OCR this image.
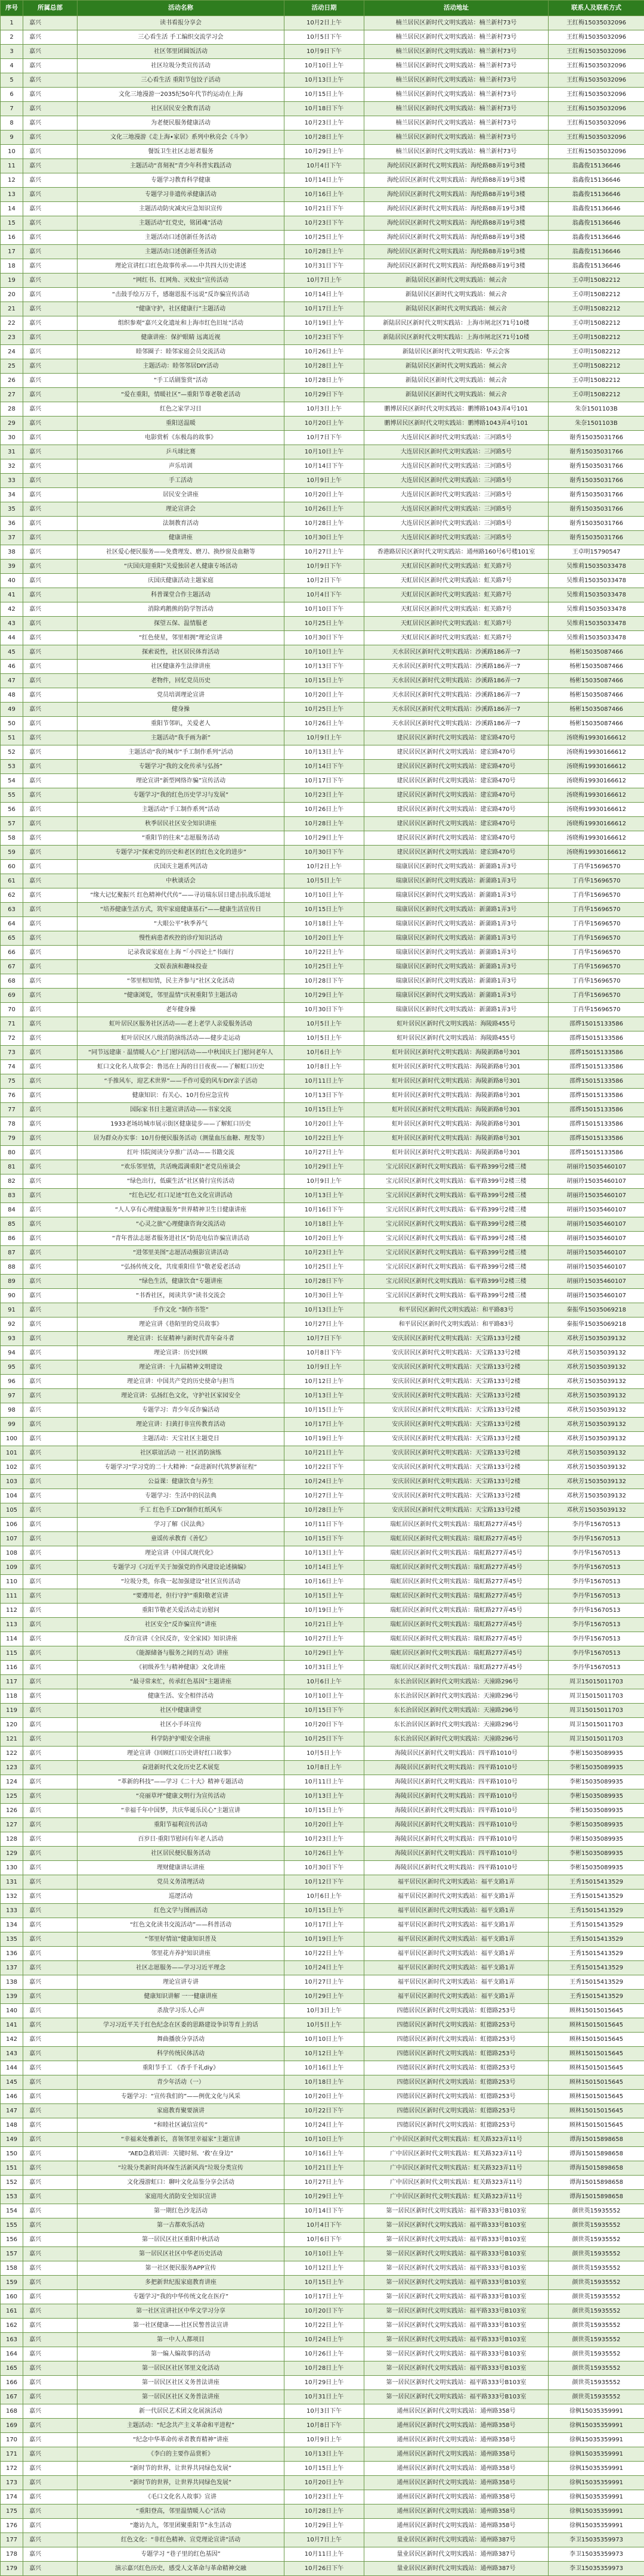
序号	所属总部	活动名称	活动日期	活动地址	联系人及联系方式
1	嘉兴	读书看报分享会	10月2日上午	楠兰居民区新时代文明实践站：楠兰新村73号	王红梅15035032096
2	嘉兴	三心看生活 手工编织交流学习会	10月5日下午	楠兰居民区新时代文明实践站：楠兰新村73号	王红梅15035032096
3	嘉兴	社区邻里团圆饭活动	10月9日下午	楠兰居民区新时代文明实践站：楠兰新村73号	王红梅15035032096
4	嘉兴	社区垃圾分类宣传活动	10月10日上午	楠兰居民区新时代文明实践站：楠兰新村73号	王红梅15035032096
5	嘉兴	三心看生活 重阳节包饺子活动	10月13日上午	楠兰居民区新时代文明实践站：楠兰新村73号	王红梅15035032096
6	嘉兴	文化三地漫游一2035纪50年代节约运动在上海	10月15日上午	楠兰居民区新时代文明实践站：楠兰新村73号	王红梅15035032096
7	嘉兴	社区居民安全教育活动	10月18日下午	楠兰居民区新时代文明实践站：楠兰新村73号	王红梅15035032096
8	嘉兴	为老便民服务健康活动	10月23日上午	楠兰居民区新时代文明实践站：楠兰新村73号	王红梅15035032096
9	嘉兴	文化三地漫游《走上海•家居》系列中秋亮会《斗争》	10月28日上午	楠兰居民区新时代文明实践站：楠兰新村73号	王红梅15035032096
10	嘉兴	餐饭卫生社区志愿者服务	10月29日上午	楠兰居民区新时代文明实践站：楠兰新村73号	王红梅15035032096
11	嘉兴	主题活动“喜刻祝”青少年科普实践活动	10月4日下午	海纶居民区新时代文明实践站：海纶路88弄19号3楼	翁鑫俊15136646
12	嘉兴	专题学习教育科学健康	10月14日上午	海纶居民区新时代文明实践站：海纶路88弄19号3楼	翁鑫俊15136646
13	嘉兴	专题学习非遗传承健康活动	10月16日上午	海纶居民区新时代文明实践站：海纶路88弄19号3楼	翁鑫俊15136646
14	嘉兴	主题活动防灾减灾应急知识宣传	10月21日下午	海纶居民区新时代文明实践站：海纶路88弄19号3楼	翁鑫俊15136646
15	嘉兴	主题活动“红党史，铭团魂”活动	10月23日下午	海纶居民区新时代文明实践站：海纶路88弄19号3楼	翁鑫俊15136646
16	嘉兴	主题活动口述创新任务活动	10月25日上午	海纶居民区新时代文明实践站：海纶路88弄19号3楼	翁鑫俊15136646
17	嘉兴	主题活动口述创新任务活动	10月28日上午	海纶居民区新时代文明实践站：海纶路88弄19号3楼	翁鑫俊15136646
18	嘉兴	理论宣讲红口红色故事传承——中共四大历史讲述	10月31日下午	海纶居民区新时代文明实践站：海纶路88弄19号3楼	翁鑫俊15136646
19	嘉兴	“网红书、红网角、灭蚊虫”宣传活动	10月7日上午	新陆居民区新时代文明实践站：倾云舍	王卓明15082212
20	嘉兴	“击鼓手绘万万千，感谢恩报不远说”反诈骗宣传活动	10月14日上午	新陆居民区新时代文明实践站：倾云舍	王卓明15082212
21	嘉兴	“健康守护，社区健康行”主题活动	10月17日上午	新陆居民区新时代文明实践站：倾云舍	王卓明15082212
22	嘉兴	组织参观“嘉兴文化遗址和上海市红色旧址”活动	10月19日上午	新陆居民区新时代文明实践站：上海市闸北区71号10楼	王卓明15082212
23	嘉兴	健康讲座：保护眼睛 远离近视	10月23日下午	新陆居民区新时代文明实践站：上海市闸北区71号10楼	王卓明15082212
24	嘉兴	睦邻圈子：睦邻家庭会员交流活动	10月26日上午	新陆居民区新时代文明实践站：华云会客	王卓明15082212
25	嘉兴	主题活动：睦邻邻居DIY活动	10月28日上午	新陆居民区新时代文明实践站：倾云舍	王卓明15082212
26	嘉兴	“手工话剧鉴赏”活动	10月28日上午	新陆居民区新时代文明实践站：倾云舍	王卓明15082212
27	嘉兴	“爱在重阳，情暖社区”—重阳节尊老敬老活动	10月29日下午	新陆居民区新时代文明实践站：倾云舍	王卓明15082212
28	嘉兴	红色之家学习日	10月3日上午	鹏博居民区新时代文明实践站：鹏博路1043弄4号101	朱奈1501103B
29	嘉兴	重阳送温暖	10月20日上午	鹏博居民区新时代文明实践站：鹏博路1043弄4号101	朱奈1501103B
30	嘉兴	电影赏析《东极岛的故事》	10月7日下午	大连居民区新时代文明实践站：三河路5号	谢秀15035031766
31	嘉兴	乒乓球比赛	10月10日上午	大连居民区新时代文明实践站：三河路5号	谢秀15035031766
32	嘉兴	声乐培训	10月14日下午	大连居民区新时代文明实践站：三河路5号	谢秀15035031766
33	嘉兴	手工活动	10月9日上午	大连居民区新时代文明实践站：三河路5号	谢秀15035031766
34	嘉兴	居民安全讲座	10月20日上午	大连居民区新时代文明实践站：三河路5号	谢秀15035031766
35	嘉兴	理论宣讲会	10月26日上午	大连居民区新时代文明实践站：三河路5号	谢秀15035031766
36	嘉兴	法制教育活动	10月28日上午	大连居民区新时代文明实践站：三河路5号	谢秀15035031766
37	嘉兴	健康讲座	10月30日上午	大连居民区新时代文明实践站：三河路5号	谢秀15035031766
38	嘉兴	社区爱心便民服务——免费理发、磨刀、换纱窗及血糖等	10月27日上午	香港路居民区新时代文明实践站：通州路160号6号楼101室	王卓明15790547
39	嘉兴	“庆国庆迎重阳”关爱独居老人健康专场活动	10月9日下午	天虹居民区新时代文明实践站：虹关路7号	吴维莉15035033478
40	嘉兴	庆国庆健康活动主题家庭	10月2日下午	天虹居民区新时代文明实践站：虹关路7号	吴维莉15035033478
41	嘉兴	科普课堂合作主题活动	10月4日下午	天虹居民区新时代文明实践站：虹关路7号	吴维莉15035033478
42	嘉兴	消除鸡鹅熊的防学智活动	10月10日下午	天虹居民区新时代文明实践站：虹关路7号	吴维莉15035033478
43	嘉兴	探望五保、温情服老	10月25日上午	天虹居民区新时代文明实践站：虹关路7号	吴维莉15035033478
44	嘉兴	“红色使星，邻里相拥”理论宣讲	10月30日下午	天虹居民区新时代文明实践站：虹关路7号	吴维莉15035033478
45	嘉兴	探索说性，社区居民体育活动	10月10日上午	天水居民区新时代文明实践站：沙溪路186弄一7	杨彬15035087466
46	嘉兴	社区健康养生法律讲座	10月13日下午	天水居民区新时代文明实践站：沙溪路186弄一7	杨彬15035087466
47	嘉兴	老物件，回忆党员历史	10月15日上午	天水居民区新时代文明实践站：沙溪路186弄一7	杨彬15035087466
48	嘉兴	党员培训理论宣讲	10月20日上午	天水居民区新时代文明实践站：沙溪路186弄一7	杨彬15035087466
49	嘉兴	健身操	10月25日上午	天水居民区新时代文明实践站：沙溪路186弄一7	杨彬15035087466
50	嘉兴	重阳节邻叭，关爱老人	10月26日上午	天水居民区新时代文明实践站：沙溪路186弄一7	杨彬15035087466
51	嘉兴	主题活动“我手画为新”	10月9日上午	建民居民区新时代文明实践站：建宏路470号	汤晓梅19930166612
52	嘉兴	主题活动“我的城市“手工制作系列”活动	10月13日上午	建民居民区新时代文明实践站：建宏路470号	汤晓梅19930166612
53	嘉兴	专题学习“我的文化传承与弘扬”	10月14日下午	建民居民区新时代文明实践站：建宏路470号	汤晓梅19930166612
54	嘉兴	理论宣讲“新型网络诈骗”宣传活动	10月17日下午	建民居民区新时代文明实践站：建宏路470号	汤晓梅19930166612
55	嘉兴	专题学习“我的红色历史学习与发展”	10月23日上午	建民居民区新时代文明实践站：建宏路470号	汤晓梅19930166612
56	嘉兴	主题活动“手工制作系列”活动	10月26日上午	建民居民区新时代文明实践站：建宏路470号	汤晓梅19930166612
57	嘉兴	秋季居民社区安全知识讲座	10月28日上午	建民居民区新时代文明实践站：建宏路470号	汤晓梅19930166612
58	嘉兴	“重阳节的往来”志愿服务活动	10月29日上午	建民居民区新时代文明实践站：建宏路470号	汤晓梅19930166612
59	嘉兴	专题学习“探索党的历史和老区的红色文化的进步”	10月30日下午	建民居民区新时代文明实践站：建宏路470号	汤晓梅19930166612
60	嘉兴	庆国庆主题系列活动	10月2日上午	瑞康居民区新时代文明实践站：新蒲路1弄3号	丁肖华15696570
61	嘉兴	中秋谈话会	10月5日上午	瑞康居民区新时代文明实践站：新蒲路1弄3号	丁肖华15696570
62	嘉兴	“缘大记忆聚振兴 红色精神代代传”——寻访瑞东居日建击抗战乐道址	10月10日上午	瑞康居民区新时代文明实践站：新蒲路1弄3号	丁肖华15696570
63	嘉兴	“培养健康生活方式，筑牢家庭健康基石”——健康生活宣传日	10月15日上午	瑞康居民区新时代文明实践站：新蒲路1弄3号	丁肖华15696570
64	嘉兴	“大眼公平”秋季养气	10月18日上午	瑞康居民区新时代文明实践站：新蒲路1弄3号	丁肖华15696570
65	嘉兴	慢性病患者疾控的诊疗知识活动	10月20日上午	瑞康居民区新时代文明实践站：新蒲路1弄3号	丁肖华15696570
66	嘉兴	记录我说家庭在上海 “「小四论土”书面行	10月22日上午	瑞康居民区新时代文明实践站：新蒲路1弄3号	丁肖华15696570
67	嘉兴	文娱表演和趣味投壶	10月25日上午	瑞康居民区新时代文明实践站：新蒲路1弄3号	丁肖华15696570
68	嘉兴	“邻里相知情，民主齐参与”社区文化活动	10月28日下午	瑞康居民区新时代文明实践站：新蒲路1弄3号	丁肖华15696570
69	嘉兴	“健康浏览，邻里温情”庆祝重阳节主题活动	10月29日上午	瑞康居民区新时代文明实践站：新蒲路1弄3号	丁肖华15696570
70	嘉兴	老年健身操	10月30日下午	瑞康居民区新时代文明实践站：新蒲路1弄3号	丁肖华15696570
71	嘉兴	虹叶居民区服务社区活动——老上老学人亲爱服务活动	10月5日上午	虹叶居民区新时代文明实践站：海陵路455号	邵烨15015133586
72	嘉兴	虹叶居民区八级消防演练活动——健步走运动	10月5日上午	虹叶居民区新时代文明实践站：海陵路455号	邵烨15015133586
73	嘉兴	“同节远建康 · 温情暖人心”上门慰问活动——中秋国庆上门慰问老年人	10月6日上午	虹叶居民区新时代文明实践站：海陵新路8号301	邵烨15015133586
74	嘉兴	虹口文化名人故事会：鲁迅在上海的日日夜夜——了解虹口历史	10月8日上午	虹叶居民区新时代文明实践站：海陵新路8号301	邵烨15015133586
75	嘉兴	“手推风车，迎艺术世界”——手作可爱的风车DIY亲子活动	10月11日上午	虹叶居民区新时代文明实践站：海陵新路8号301	邵烨15015133586
76	嘉兴	健康知识：有关心、10月份应急宣传	10月13日下午	虹叶居民区新时代文明实践站：海陵新路8号301	邵烨15015133586
77	嘉兴	国际家书日主题宣讲活动——书家交流	10月15日上午	虹叶居民区新时代文明实践站：海陵新路8号301	邵烨15015133586
78	嘉兴	1933老场坊城市展示街区健康徒步——了解虹口历史	10月20日上午	虹叶居民区新时代文明实践站：海陵新路8号301	邵烨15015133586
79	嘉兴	居为群众办实事：10月份便民服务活动（测量血压血糖、理发等）	10月22日上午	虹叶居民区新时代文明实践站：海陵新路8号301	邵烨15015133586
80	嘉兴	红叶书院阅读分享推广活动——书籍交流	10月27日上午	虹叶居民区新时代文明实践站：海陵新路8号301	邵烨15015133586
81	嘉兴	“欢乐邻里情，共话晚霞满重阳”老党员座谈会	10月29日上午	宝元居民区新时代文明实践站：临平路399号2楼三楼	胡丽玲15035460107
82	嘉兴	“绿色出行，低碳生活”社区骑行宣传活动	10月9日上午	宝元居民区新时代文明实践站：临平路399号2楼三楼	胡丽玲15035460107
83	嘉兴	“红色记忆·红口足迹”红色文化宣讲活动	10月13日上午	宝元居民区新时代文明实践站：临平路399号2楼三楼	胡丽玲15035460107
84	嘉兴	“人人享有心理健康服务”世界精神卫生日健康讲座	10月16日下午	宝元居民区新时代文明实践站：临平路399号2楼三楼	胡丽玲15035460107
85	嘉兴	“心灵之旅”心理健康咨询交流活动	10月18日上午	宝元居民区新时代文明实践站：临平路399号2楼三楼	胡丽玲15035460107
86	嘉兴	“青年普法志愿者服务进社区”防范电信诈骗宣讲活动	10月20日上午	宝元居民区新时代文明实践站：临平路399号2楼三楼	胡丽玲15035460107
87	嘉兴	“进邻里美图”志愿活动摄影宣讲活动	10月23日上午	宝元居民区新时代文明实践站：临平路399号2楼三楼	胡丽玲15035460107
88	嘉兴	“弘扬传统文化，共度重阳佳节”敬老爱老活动	10月25日上午	宝元居民区新时代文明实践站：临平路399号2楼三楼	胡丽玲15035460107
89	嘉兴	“绿色生活，健康饮食”专题讲座	10月28日下午	宝元居民区新时代文明实践站：临平路399号2楼三楼	胡丽玲15035460107
90	嘉兴	“书香社区，阅读共享”读书交流会	10月30日上午	宝元居民区新时代文明实践站：临平路399号2楼三楼	胡丽玲15035460107
91	嘉兴	手作文化 “制作书签”	10月13日上午	和平居民区新时代文明实践站：和平路83号	秦振华15035069218
92	嘉兴	理论宣讲《巷陌里的党员故事》	10月27日上午	和平居民区新时代文明实践站：和平路83号	秦振华15035069218
93	嘉兴	理论宣讲：长征精神与新时代青年奋斗者	10月7日下午	安庆居民区新时代文明实践站：天宝路133号2楼	邓秋芳15035039132
94	嘉兴	理论宣讲：历史回顾	10月8日下午	安庆居民区新时代文明实践站：天宝路133号2楼	邓秋芳15035039132
95	嘉兴	理论宣讲：十九届精神文明建设	10月9日上午	安庆居民区新时代文明实践站：天宝路133号2楼	邓秋芳15035039132
96	嘉兴	理论宣讲：中国共产党的历史使命与担当	10月12日上午	安庆居民区新时代文明实践站：天宝路133号2楼	邓秋芳15035039132
97	嘉兴	理论宣讲：弘扬红色文化，守护社区家园安全	10月13日上午	安庆居民区新时代文明实践站：天宝路133号2楼	邓秋芳15035039132
98	嘉兴	专题学习：青少年反诈骗活动	10月15日上午	安庆居民区新时代文明实践站：天宝路133号2楼	邓秋芳15035039132
99	嘉兴	理论宣讲：扫黄打非宣传教育活动	10月17日上午	安庆居民区新时代文明实践站：天宝路133号2楼	邓秋芳15035039132
100	嘉兴	主题活动：天宝社区主题党日	10月19日上午	安庆居民区新时代文明实践站：天宝路133号2楼	邓秋芳15035039132
101	嘉兴	社区联谊活动 一 社区消防演练	10月21日上午	安庆居民区新时代文明实践站：天宝路133号2楼	邓秋芳15035039132
102	嘉兴	专题学习“学习党的二十大精神：“奋进新时代筑梦新征程”	10月22日下午	安庆居民区新时代文明实践站：天宝路133号2楼	邓秋芳15035039132
103	嘉兴	公益课：健康饮食与养生	10月24日上午	安庆居民区新时代文明实践站：天宝路133号2楼	邓秋芳15035039132
104	嘉兴	专题学习：生活中的民法典	10月27日上午	安庆居民区新时代文明实践站：天宝路133号2楼	邓秋芳15035039132
105	嘉兴	手工 红色手工DIY制作红纸风车	10月28日上午	安庆居民区新时代文明实践站：天宝路133号2楼	邓秋芳15035039132
106	嘉兴	学习了解《民法典》	10月11日下午	瑞虹居民区新时代文明实践站：瑞虹路277弄45号	李丹华15670513
107	嘉兴	童谣传承教育《善忆》	10月15日下午	瑞虹居民区新时代文明实践站：瑞虹路277弄45号	李丹华15670513
108	嘉兴	理论宣讲《中国式现代化》	10月13日上午	瑞虹居民区新时代文明实践站：瑞虹路277弄45号	李丹华15670513
109	嘉兴	专题学习《习近平关于加强党的作风建设论述摘编》	10月14日上午	瑞虹居民区新时代文明实践站：瑞虹路277弄45号	李丹华15670513
110	嘉兴	“垃圾分类，你我一起加强建设”社区宣传活动	10月16日上午	瑞虹居民区新时代文明实践站：瑞虹路277弄45号	李丹华15670513
111	嘉兴	“要遵用老，但行守护”重阳敬老宣讲	10月15日上午	瑞虹居民区新时代文明实践站：瑞虹路277弄45号	李丹华15670513
112	嘉兴	重阳节敬老关爱活动走访慰问	10月19日上午	瑞虹居民区新时代文明实践站：瑞虹路277弄45号	李丹华15670513
113	嘉兴	社区安全“反诈骗宣传”讲座	10月21日上午	瑞虹居民区新时代文明实践站：瑞虹路277弄45号	李丹华15670513
114	嘉兴	反诈宣讲《全民反诈，安全家园》知识讲座	10月27日上午	瑞虹居民区新时代文明实践站：瑞虹路277弄45号	李丹华15670513
115	嘉兴	《能源储备与服务之间的互动》讲座	10月29日上午	瑞虹居民区新时代文明实践站：瑞虹路277弄45号	李丹华15670513
116	嘉兴	《初级养生与精神健康》文化讲座	10月31日上午	瑞虹居民区新时代文明实践站：瑞虹路277弄45号	李丹华15670513
117	嘉兴	“最寻常来忙，传承红色基因”主题讲座	10月6日上午	东长治居民区新时代文明实践站：天潼路296号	周卫15015011703
118	嘉兴	健康生活、安全相伴活动	10月10日上午	东长治居民区新时代文明实践站：天潼路296号	周卫15015011703
119	嘉兴	社区中健康讲堂	10月15日下午	东长治居民区新时代文明实践站：天潼路296号	周卫15015011703
120	嘉兴	社区小手环宣传	10月20日下午	东长治居民区新时代文明实践站：天潼路296号	周卫15015011703
121	嘉兴	科学防护护眼安全讲座	10月25日下午	东长治居民区新时代文明实践站：天潼路296号	周卫15015011703
122	嘉兴	理论宣讲《回顾红口历史讲好红口故事》	10月5日上午	海陵居民区新时代文明实践站：四平路1010号	李彬15035089935
123	嘉兴	奋进新时代文化历史艺术展览	10月8日上午	海陵居民区新时代文明实践站：四平路1010号	李彬15035089935
124	嘉兴	“革新的科技”——学习《二十大》精神专题活动	10月11日上午	海陵居民区新时代文明实践站：四平路1010号	李彬15035089935
125	嘉兴	“亮丽草坪”健康文明行为宣传活动	10月13日上午	海陵居民区新时代文明实践站：四平路1010号	李彬15035089935
126	嘉兴	“幸福千年中国梦，共庆华诞乐民心”主题宣讲	10月15日上午	海陵居民区新时代文明实践站：四平路1010号	李彬15035089935
127	嘉兴	重阳节福利宣传活动	10月20日上午	海陵居民区新时代文明实践站：四平路1010号	李彬15035089935
128	嘉兴	百岁日·重阳节慰问有年老人活动	10月23日上午	海陵居民区新时代文明实践站：四平路1010号	李彬15035089935
129	嘉兴	社区居民便民服务活动	10月26日上午	海陵居民区新时代文明实践站：四平路1010号	李彬15035089935
130	嘉兴	理财健康讲坛讲座	10月30日下午	海陵居民区新时代文明实践站：四平路1010号	李彬15035089935
131	嘉兴	党员义务清理活动	10月12日下午	福平居民区新时代文明实践站：福平支路1弄	王秀15015413529
132	嘉兴	巡逻活动	10月6日上午	福平居民区新时代文明实践站：福平支路1弄	王秀15015413529
133	嘉兴	红色文学与图画活动	10月15日上午	福平居民区新时代文明实践站：福平支路1弄	王秀15015413529
134	嘉兴	“红色文化读书交流活动”——科普活动	10月17日上午	福平居民区新时代文明实践站：福平支路1弄	王秀15015413529
135	嘉兴	“邻里好情谊”健康知识普及	10月19日上午	福平居民区新时代文明实践站：福平支路1弄	王秀15015413529
136	嘉兴	邻里花卉养护知识讲座	10月22日上午	福平居民区新时代文明实践站：福平支路1弄	王秀15015413529
137	嘉兴	社区志愿服务——学习习近平理念	10月24日上午	福平居民区新时代文明实践站：福平支路1弄	王秀15015413529
138	嘉兴	理论宣讲专讲	10月27日上午	福平居民区新时代文明实践站：福平支路1弄	王秀15015413529
139	嘉兴	健康知识讲解 一一健康讲座	10月29日上午	福平居民区新时代文明实践站：福平支路1弄	王秀15015413529
140	嘉兴	杀敌学习乐人心声	10月3日上午	四德居民区新时代文明实践站：虹德路253号	顾林15015015645
141	嘉兴	学习习近平关于红色纪念在区委的思路建设争识等育上的话	10月5日上午	四德居民区新时代文明实践站：虹德路253号	顾林15015015645
142	嘉兴	舞曲播放分享活动	10月10日上午	四德居民区新时代文明实践站：虹德路253号	顾林15015015645
143	嘉兴	科学传统民体活动	10月12日上午	四德居民区新时代文明实践站：虹德路253号	顾林15015015645
144	嘉兴	重阳节手工 《香手千礼diy》	10月16日上午	四德居民区新时代文明实践站：虹德路253号	顾林15015015645
145	嘉兴	青少年活动（一）	10月18日上午	四德居民区新时代文明实践站：虹德路253号	顾林15015015645
146	嘉兴	专题学习：“宣传我们的”——例优文化与风采	10月20日上午	四德居民区新时代文明实践站：虹德路253号	顾林15015015645
147	嘉兴	家庭教育聚要演讲	10月22日下午	四德居民区新时代文明实践站：虹德路253号	顾林15015015645
148	嘉兴	“和睦社区诚信宣传”	10月24日上午	四德居民区新时代文明实践站：虹德路253号	顾林15015015645
149	嘉兴	“幸福来处雅新长，喜领邻里幸福家”主题宣讲	10月10日上午	广中居民区新时代文明实践站：虹关路323弄11号	谭海15015898658
150	嘉兴	“AED急救培训：关键时刻、‘救’在身边”	10月16日上午	广中居民区新时代文明实践站：虹关路323弄11号	谭海15015898658
151	嘉兴	“垃圾分类新时尚环保生活新风尚”垃圾分类宣传	10月21日上午	广中居民区新时代文明实践站：虹关路323弄11号	谭海15015898658
152	嘉兴	文化漫游虹口：聊叶文化品鉴分享会活动	10月27日上午	广中居民区新时代文明实践站：虹关路323弄11号	谭海15015898658
153	嘉兴	家庭用火消防安全知识宣讲	10月29日上午	广中居民区新时代文明实践站：虹关路323弄11号	谭海15015898658
154	嘉兴	第一期红色沙龙活动	10月14日下午	第一居民区新时代文明实践站：福平路333号B103室	颜世英15935552
155	嘉兴	第一古都欢乐活动	10月4日下午	第一居民区新时代文明实践站：福平路333号B103室	颜世英15935552
156	嘉兴	第一居民区社区重阳中秋活动	10月6日下午	第一居民区新时代文明实践站：福平路333号B103室	颜世英15935552
157	嘉兴	第一居民区社区中华老历史活动	10月10日上午	第一居民区新时代文明实践站：福平路333号B103室	颜世英15935552
158	嘉兴	第一社区便民服务APP宣传	10月12日上午	第一居民区新时代文明实践站：福平路333号B103室	颜世英15935552
159	嘉兴	多把新世纪报家庭教育讲座	10月15日上午	第一居民区新时代文明实践站：福平路333号B103室	颜世英15935552
160	嘉兴	专题学习“我的中华传统文化在医疗”	10月17日上午	第一居民区新时代文明实践站：福平路333号B103室	颜世英15935552
161	嘉兴	第一社区宣讲社区中华文学习分享	10月20日下午	第一居民区新时代文明实践站：福平路333号B103室	颜世英15935552
162	嘉兴	第一社区健康——社区民警普法宣讲	10月22日上午	第一居民区新时代文明实践站：福平路333号B103室	颜世英15935552
163	嘉兴	第一中人人都项目	10月24日上午	第一居民区新时代文明实践站：福平路333号B103室	颜世英15935552
164	嘉兴	第一编人编故事的活动	10月26日上午	第一居民区新时代文明实践站：福平路333号B103室	颜世英15935552
165	嘉兴	第一居民区社区邻里文化活动	10月28日上午	第一居民区新时代文明实践站：福平路333号B103室	颜世英15935552
166	嘉兴	第一居民区社区义务普法讲座	10月29日上午	第一居民区新时代文明实践站：福平路333号B103室	颜世英15935552
167	嘉兴	第一居民区社区义务普法讲座	10月31日上午	第一居民区新时代文明实践站：福平路333号B103室	颜世英15935552
168	嘉兴	新一代居民艺术团文化展演活动	10月3日下午	通州居民区新时代文明实践站：通州路358号	徐枫15035359991
169	嘉兴	主题活动：“纪念共产主义革命和平进程”	10月8日下午	通州居民区新时代文明实践站：通州路358号	徐枫15035359991
170	嘉兴	“纪念中华革命传承者教育精神”讲座	10月9日上午	通州居民区新时代文明实践站：通州路358号	徐枫15035359991
171	嘉兴	《李白的主要作品赏析》	10月13日上午	通州居民区新时代文明实践站：通州路358号	徐枫15035359991
172	嘉兴	“新时节的世界，让世界共同绿色发展”	10月15日上午	通州居民区新时代文明实践站：通州路358号	徐枫15035359991
173	嘉兴	“新时节的世界，让世界共同绿色发展”	10月20日上午	通州居民区新时代文明实践站：通州路358号	徐枫15035359991
174	嘉兴	《毛口文化名人故事》宣讲	10月23日上午	通州居民区新时代文明实践站：通州路358号	徐枫15035359991
175	嘉兴	“重阳登高，邻里温情暖人心”活动	10月28日上午	通州居民区新时代文明实践站：通州路358号	徐枫15035359991
176	嘉兴	“邀访九九，邻里团聚重阳节”永生活动	10月29日上午	通州居民区新时代文明实践站：通州路358号	徐枫15035359991
177	嘉兴	红色文化：“非红色精神、宣党理论宣讲”活动	10月7日上午	量业居民区新时代文明实践站：通州路387号	李卫15035359973
178	嘉兴	专题学习 “巷子里的红色基因”	10月11日上午	量业居民区新时代文明实践站：通州路387号	李卫15035359973
179	嘉兴	演示嘉兴红色历史，感受人文革命与革命精神交融	10月26日下午	量业居民区新时代文明实践站：通州路387号	李卫15035359973
